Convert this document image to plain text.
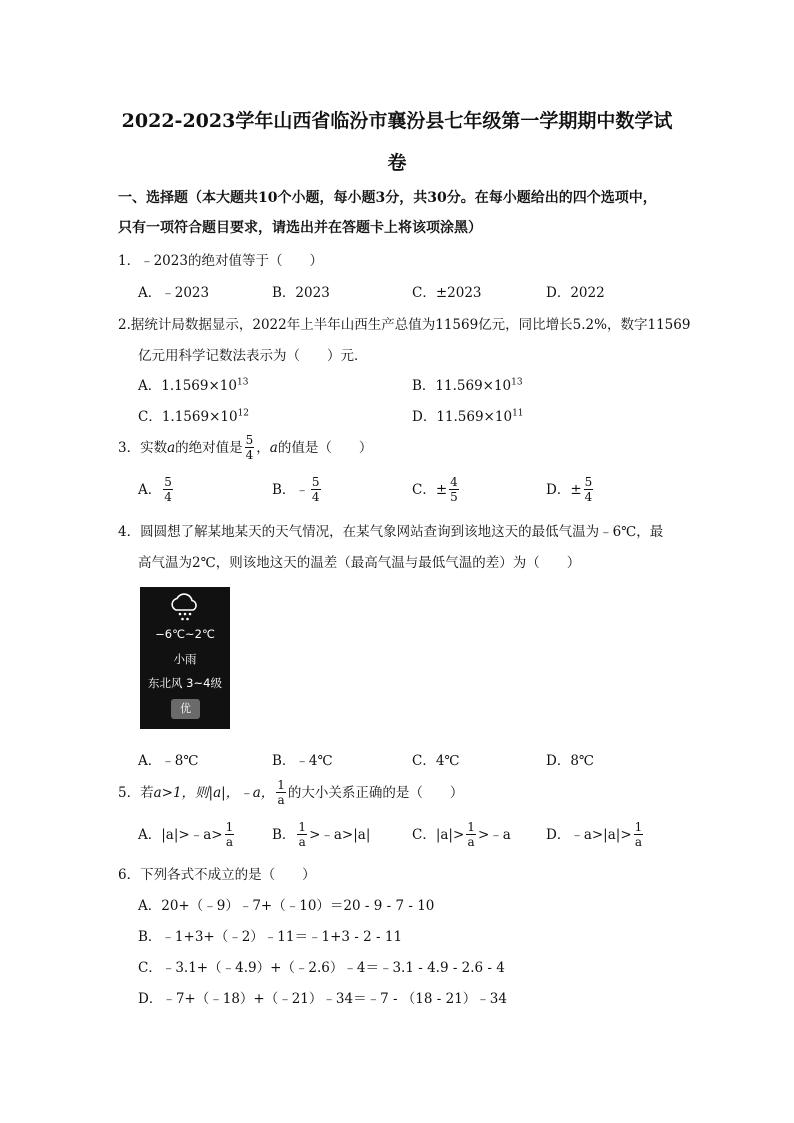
2022-2023学年山西省临汾市襄汾县七年级第一学期期中数学试
卷
一、选择题（本大题共10个小题，每小题3分，共30分。在每小题给出的四个选项中，
只有一项符合题目要求，请选出并在答题卡上将该项涂黑）
1．﹣2023的绝对值等于（　　）
A．﹣2023	B．2023	C．±2023	D．2022
2.据统计局数据显示，2022年上半年山西生产总值为11569亿元，同比增长5.2%，数字11569
亿元用科学记数法表示为（　　）元．
A．$1.1569\times 10^{13}$	B．$11.569\times 10^{13}$
C．$1.1569\times 10^{12}$	D．$11.569\times 10^{11}$
3．实数a的绝对值是 $\frac{5}{4}$ ，a的值是（　　）
A． $\frac{5}{4}$	B．﹣ $\frac{5}{4}$	C．± $\frac{4}{5}$	D．± $\frac{5}{4}$
4．圆圆想了解某地某天的天气情况，在某气象网站查询到该地这天的最低气温为﹣6℃，最
高气温为2℃，则该地这天的温差（最高气温与最低气温的差）为（　　）
−6℃~2℃
小雨
东北风 3~4级
优
A．﹣8℃	B．﹣4℃	C．4℃	D．8℃
5．若a>1，则|a|，﹣a， $\frac{1}{a}$ 的大小关系正确的是（　　）
A．|a|>﹣a> $\frac{1}{a}$	B． $\frac{1}{a}$ >﹣a>|a|	C．$|a|> \frac{1}{a}$ >﹣a	D．﹣a>|a|> $\frac{1}{a}$
6．下列各式不成立的是（　　）
A．20+（﹣9）﹣7+（﹣10）＝20 - 9 - 7 - 10
B．﹣1+3+（﹣2）﹣11＝﹣1+3 - 2 - 11
C．﹣3.1+（﹣4.9）+（﹣2.6）﹣4＝﹣3.1 - 4.9 - 2.6 - 4
D．﹣7+（﹣18）+（﹣21）﹣34＝﹣7 - （18 - 21）﹣34
